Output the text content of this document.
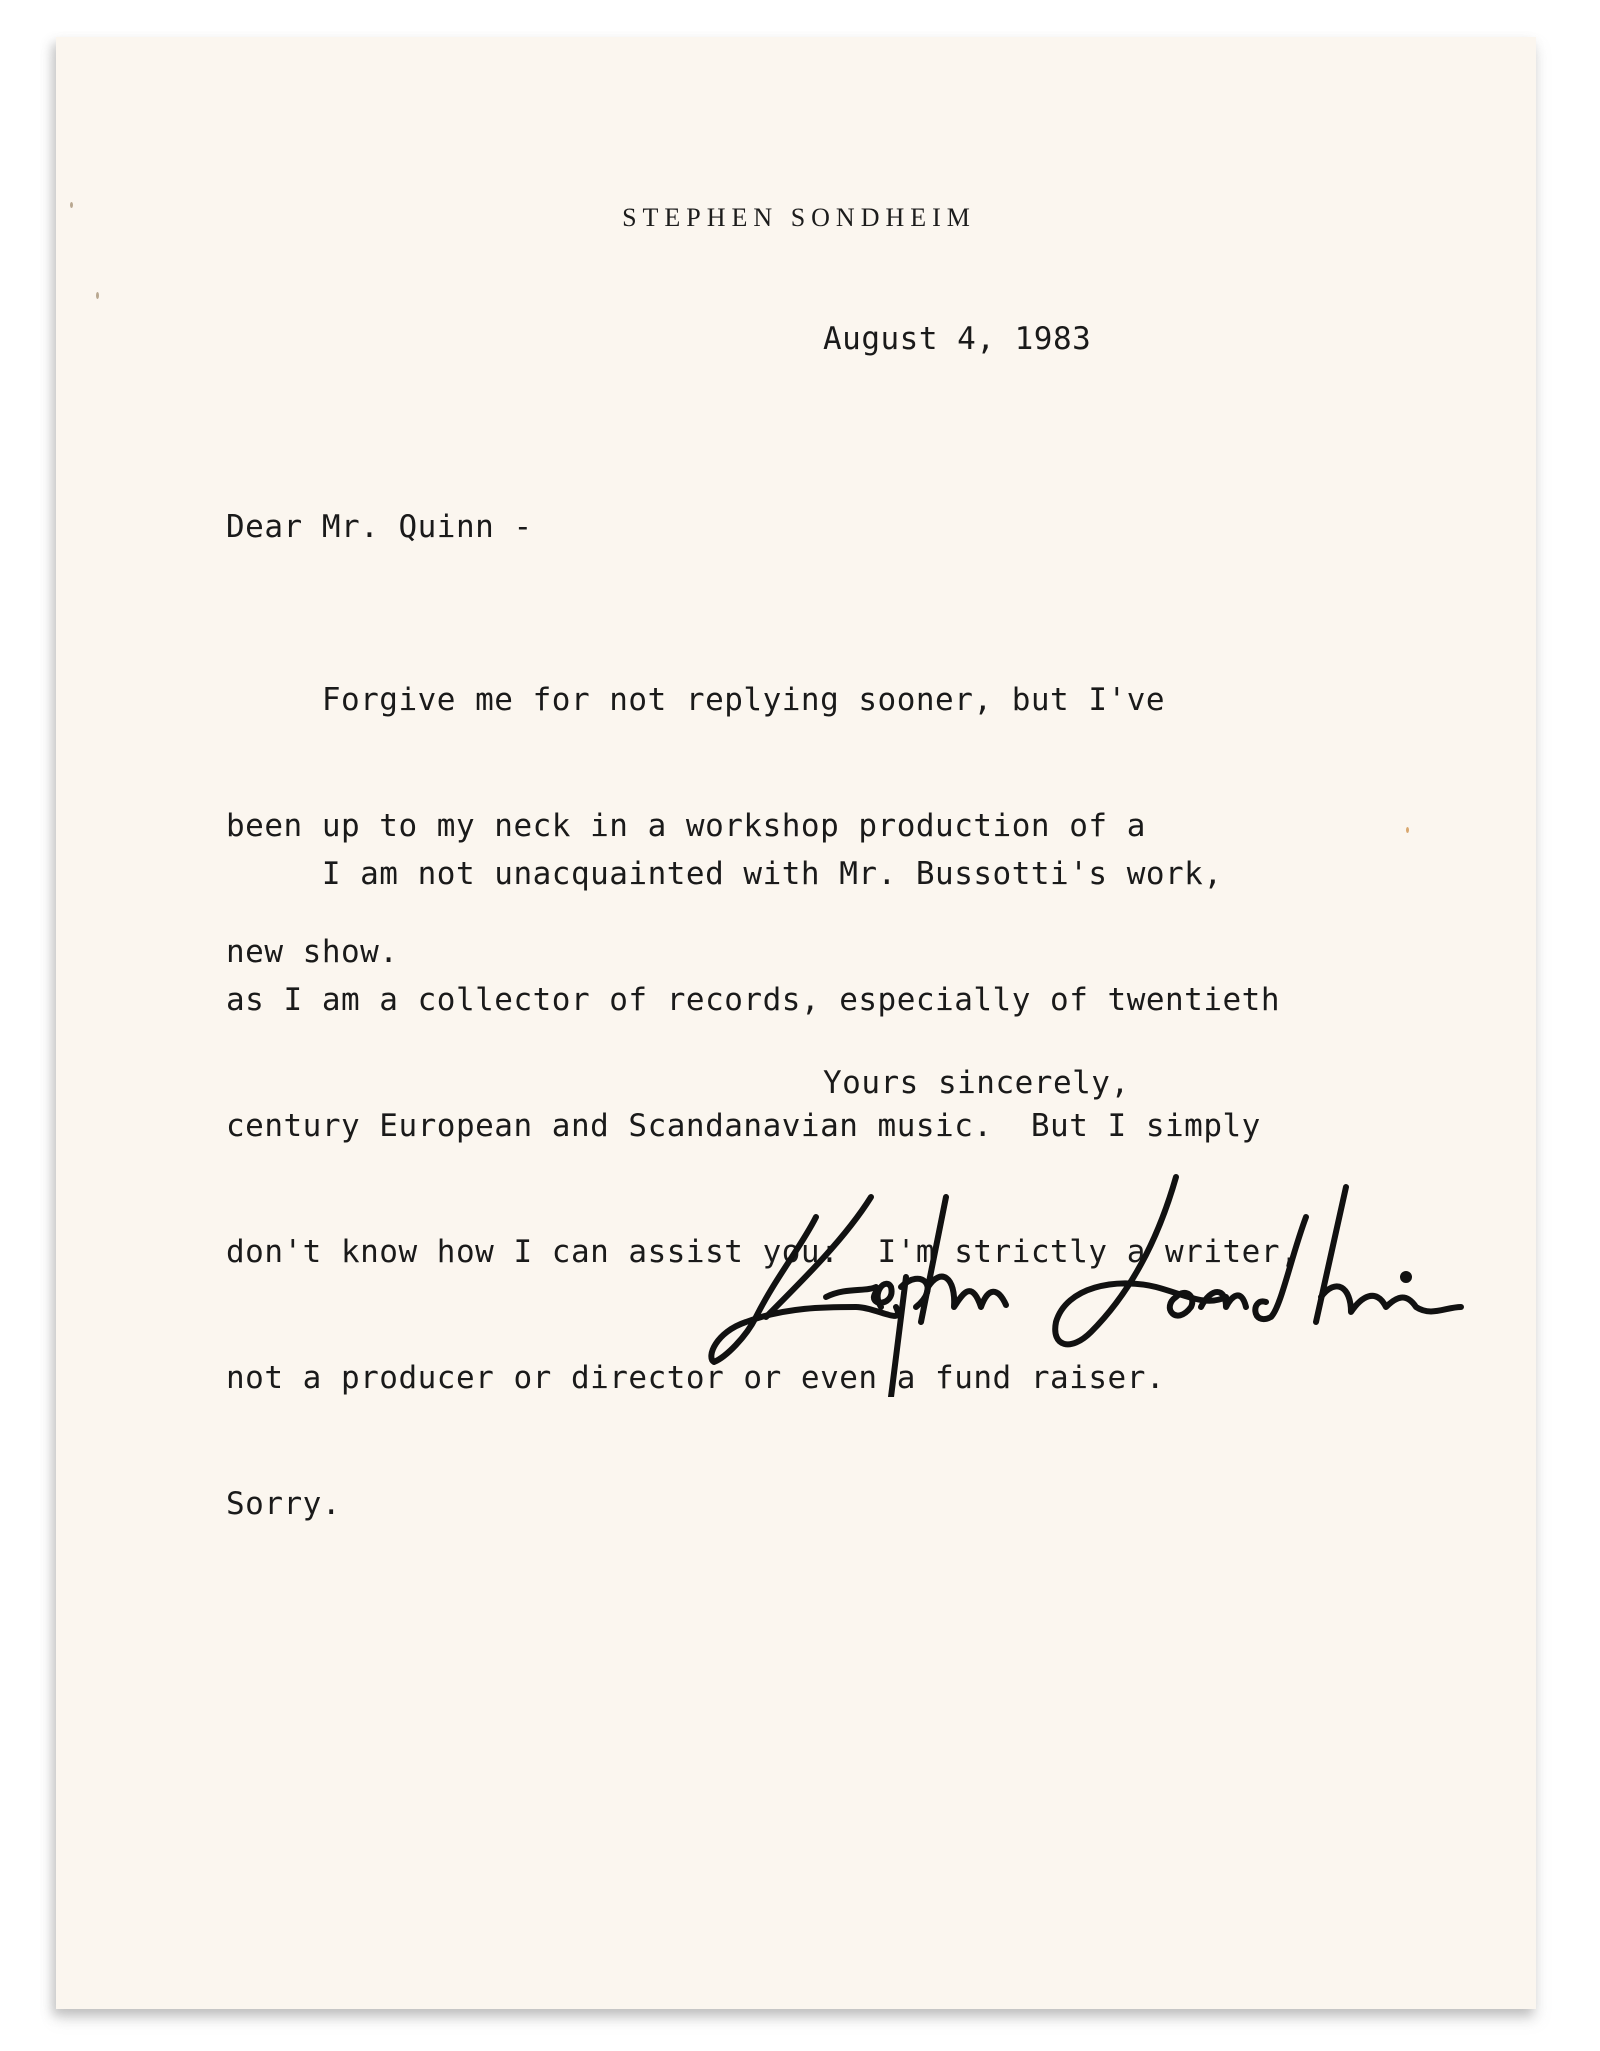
STEPHEN SONDHEIM
August 4, 1983
Dear Mr. Quinn -

Forgive me for not replying sooner, but I've

been up to my neck in a workshop production of a

new show.

I am not unacquainted with Mr. Bussotti's work,

as I am a collector of records, especially of twentieth

century European and Scandanavian music.  But I simply

don't know how I can assist you:  I'm strictly a writer,

not a producer or director or even a fund raiser.

Sorry.

Yours sincerely,
